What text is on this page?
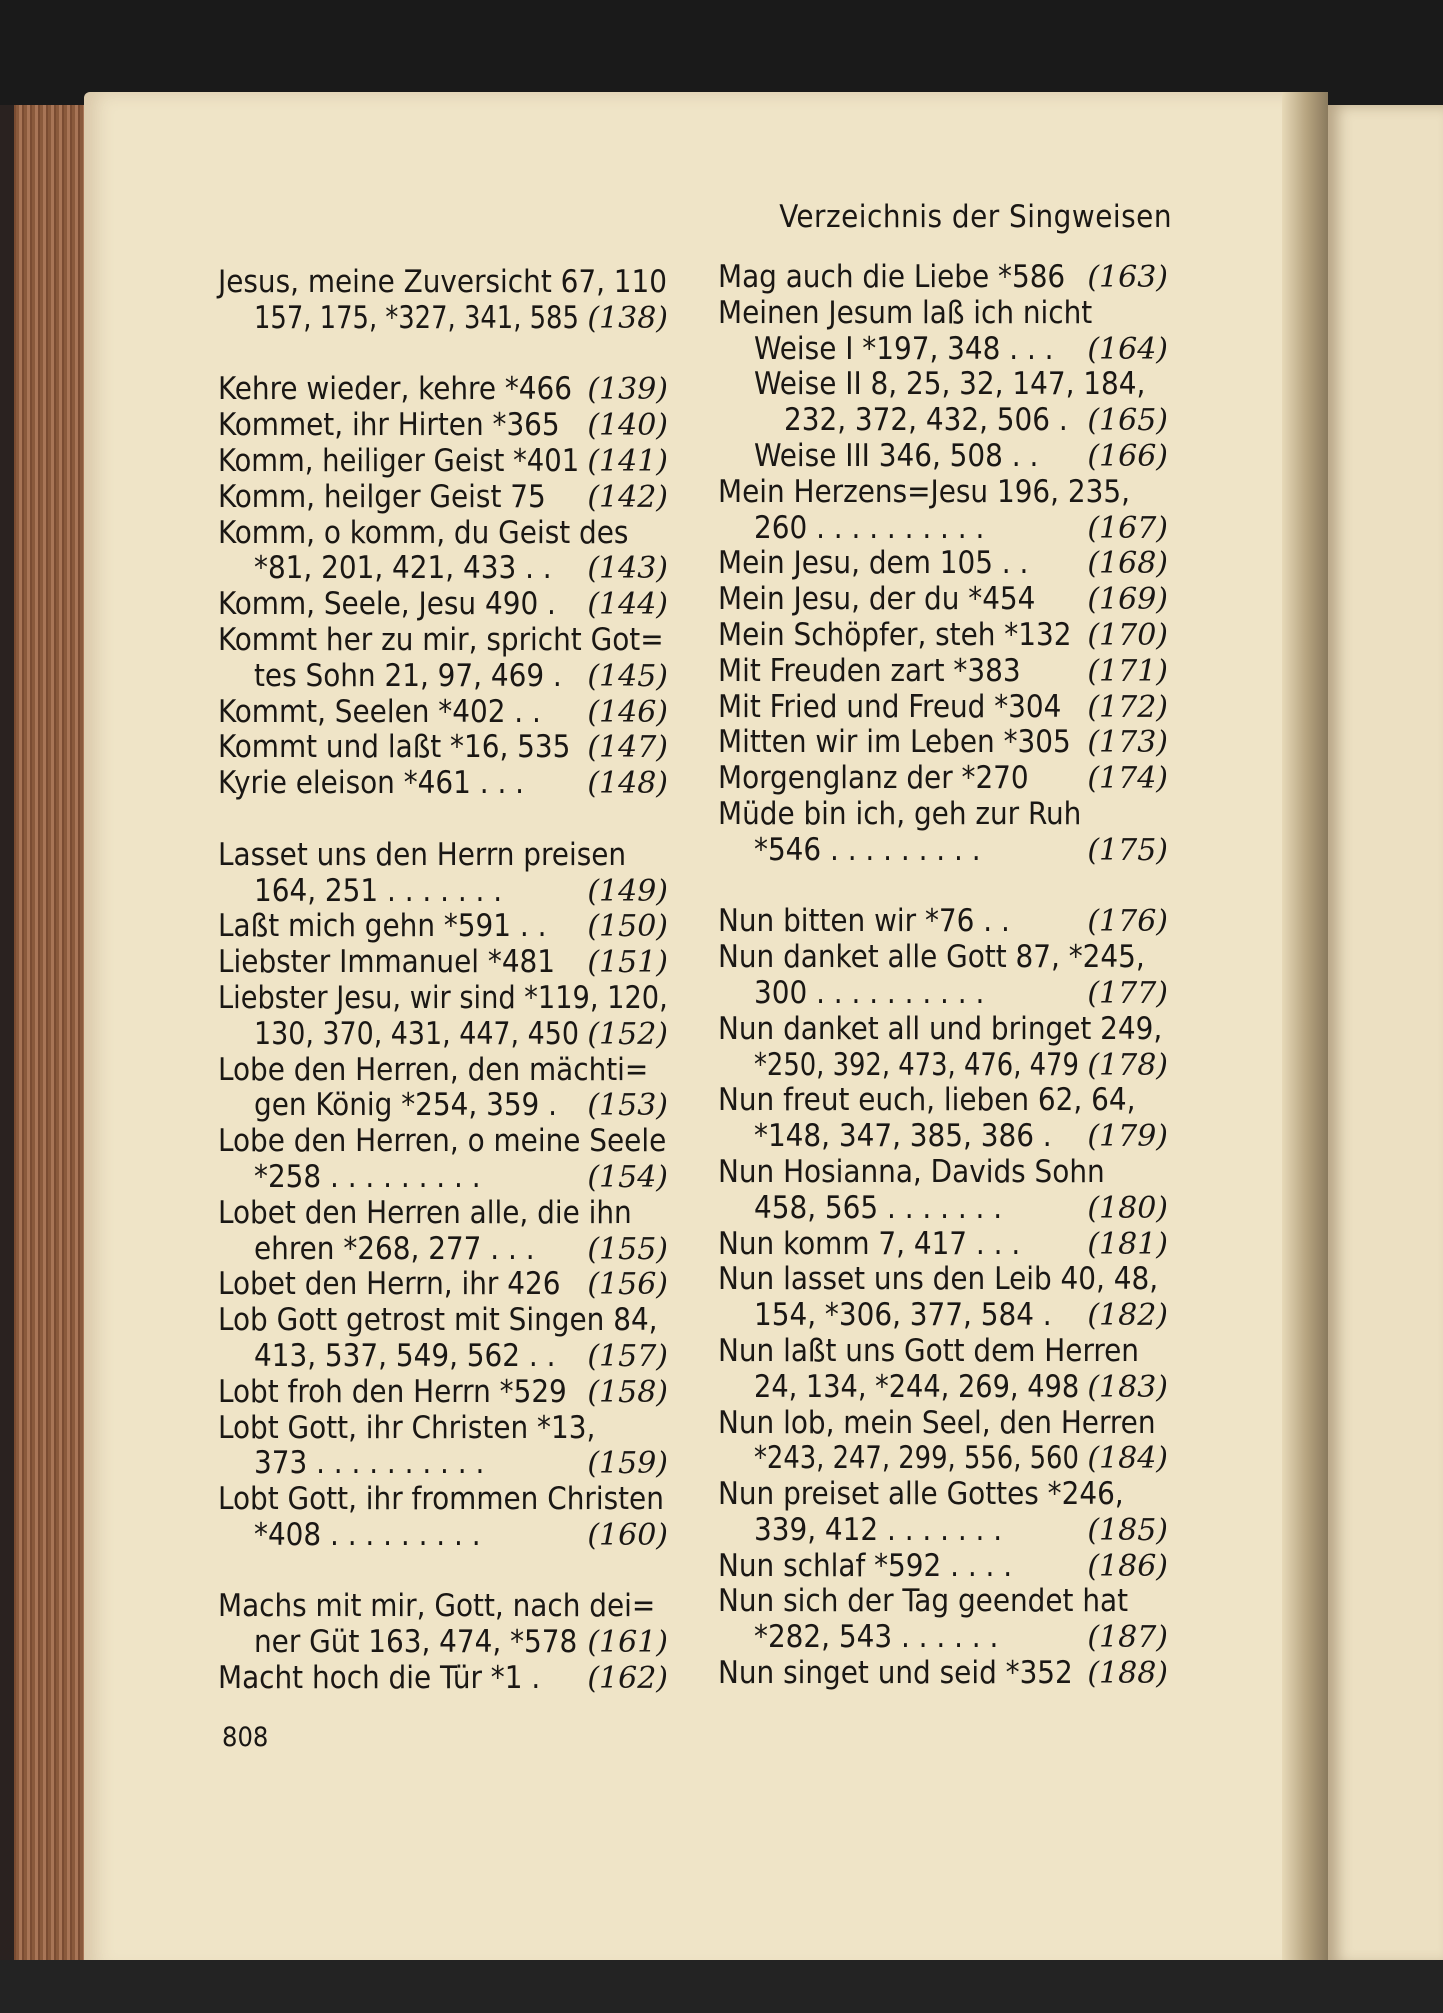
Verzeichnis der Singweisen
Jesus, meine Zuversicht 67, 110
157, 175, *327, 341, 585 (138)
Kehre wieder, kehre *466 (139)
Kommet, ihr Hirten *365 (140)
Komm, heiliger Geist *401 (141)
Komm, heilger Geist 75 (142)
Komm, o komm, du Geist des
*81, 201, 421, 433 . . (143)
Komm, Seele, Jesu 490 . (144)
Kommt her zu mir, spricht Got=
tes Sohn 21, 97, 469 . (145)
Kommt, Seelen *402 . . (146)
Kommt und laßt *16, 535 (147)
Kyrie eleison *461 . . . (148)
Lasset uns den Herrn preisen
164, 251 . . . . . . .	(149)
Laßt mich gehn *591 . . (150)
Liebster Immanuel *481 (151)
Liebster Jesu, wir sind *119, 120,
130, 370, 431, 447, 450 (152)
Lobe den Herren, den mächti=
gen König *254, 359 . (153)
Lobe den Herren, o meine Seele
*258 . . . . . . . . .	(154)
Lobet den Herren alle, die ihn
ehren *268, 277 . . . (155)
Lobet den Herrn, ihr 426 (156)
Lob Gott getrost mit Singen 84,
413, 537, 549, 562 . . (157)
Lobt froh den Herrn *529 (158)
Lobt Gott, ihr Christen *13,
373 . . . . . . . . . .	(159)
Lobt Gott, ihr frommen Christen
*408 . . . . . . . . .	(160)
Machs mit mir, Gott, nach dei=
ner Güt 163, 474, *578 (161)
Macht hoch die Tür *1 . (162)
Mag auch die Liebe *586 (163)
Meinen Jesum laß ich nicht
Weise I *197, 348 . . . (164)
Weise II 8, 25, 32, 147, 184,
232, 372, 432, 506 . (165)
Weise III 346, 508 . . (166)
Mein Herzens=Jesu 196, 235,
260 . . . . . . . . . .	(167)
Mein Jesu, dem 105 . . (168)
Mein Jesu, der du *454 (169)
Mein Schöpfer, steh *132 (170)
Mit Freuden zart *383 (171)
Mit Fried und Freud *304 (172)
Mitten wir im Leben *305 (173)
Morgenglanz der *270 (174)
Müde bin ich, geh zur Ruh
*546 . . . . . . . . .	(175)
Nun bitten wir *76 . .	(176)
Nun danket alle Gott 87, *245,
300 . . . . . . . . . .	(177)
Nun danket all und bringet 249,
*250, 392, 473, 476, 479 (178)
Nun freut euch, lieben 62, 64,
*148, 347, 385, 386 . (179)
Nun Hosianna, Davids Sohn
458, 565 . . . . . . .	(180)
Nun komm 7, 417 . . . (181)
Nun lasset uns den Leib 40, 48,
154, *306, 377, 584 . (182)
Nun laßt uns Gott dem Herren
24, 134, *244, 269, 498 (183)
Nun lob, mein Seel, den Herren
*243, 247, 299, 556, 560 (184)
Nun preiset alle Gottes *246,
339, 412 . . . . . . .	(185)
Nun schlaf *592 . . . .	(186)
Nun sich der Tag geendet hat
*282, 543 . . . . . .	(187)
Nun singet und seid *352 (188)
808
